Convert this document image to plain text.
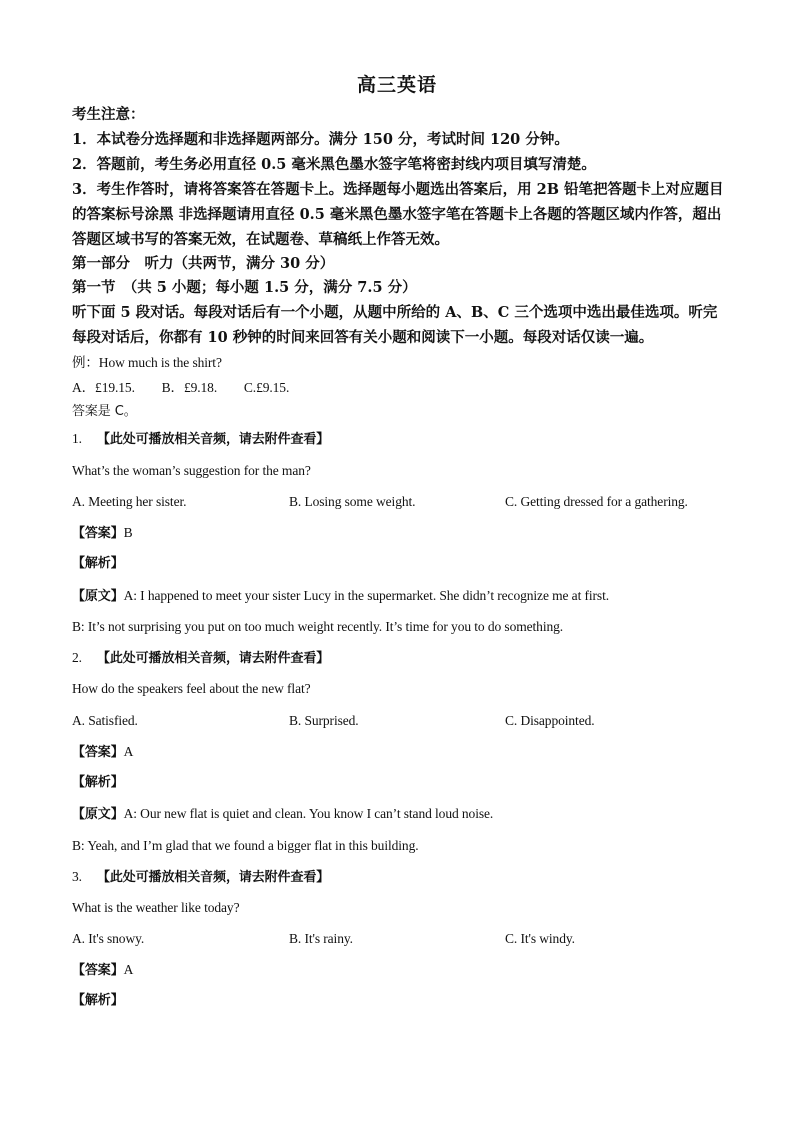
高三英语
考生注意：
1．本试卷分选择题和非选择题两部分。满分 150 分，考试时间 120 分钟。
2．答题前，考生务必用直径 0.5 毫米黑色墨水签字笔将密封线内项目填写清楚。
3．考生作答时，请将答案答在答题卡上。选择题每小题选出答案后，用 2B 铅笔把答题卡上对应题目的答案标号涂黑 非选择题请用直径 0.5 毫米黑色墨水签字笔在答题卡上各题的答题区域内作答，超出答题区域书写的答案无效，在试题卷、草稿纸上作答无效。
第一部分　听力（共两节，满分 30 分）
第一节　（共 5 小题；每小题 1.5 分，满分 7.5 分）
听下面 5 段对话。每段对话后有一个小题，从题中所给的 A、B、C 三个选项中选出最佳选项。听完每段对话后，你都有 10 秒钟的时间来回答有关小题和阅读下一小题。每段对话仅读一遍。
例：How much is the shirt?
A．£19.15.　　B．£9.18.　　C.£9.15.
答案是 C。
1. 【此处可播放相关音频，请去附件查看】
What’s the woman’s suggestion for the man?
A. Meeting her sister.	B. Losing some weight.	C. Getting dressed for a gathering.
【答案】B
【解析】
【原文】A: I happened to meet your sister Lucy in the supermarket. She didn’t recognize me at first.
B: It’s not surprising you put on too much weight recently. It’s time for you to do something.
2. 【此处可播放相关音频，请去附件查看】
How do the speakers feel about the new flat?
A. Satisfied.	B. Surprised.	C. Disappointed.
【答案】A
【解析】
【原文】A: Our new flat is quiet and clean. You know I can’t stand loud noise.
B: Yeah, and I’m glad that we found a bigger flat in this building.
3. 【此处可播放相关音频，请去附件查看】
What is the weather like today?
A. It's snowy.	B. It's rainy.	C. It's windy.
【答案】A
【解析】
